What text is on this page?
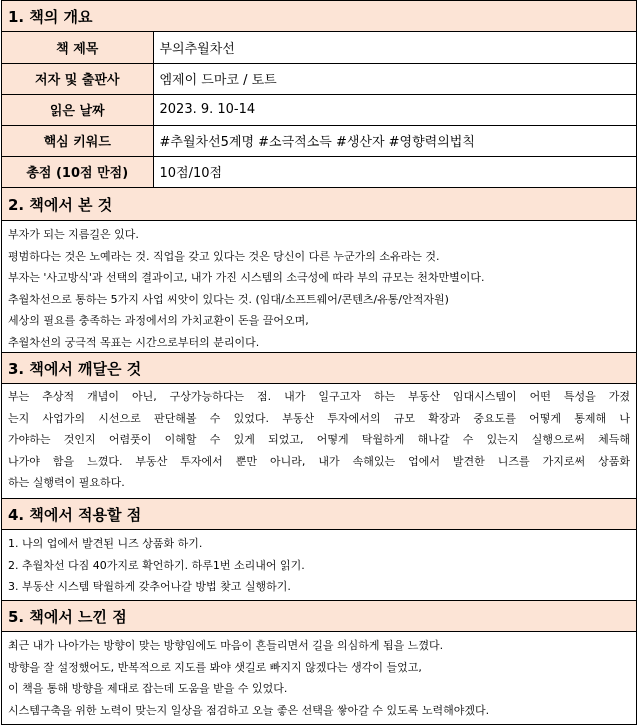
1. 책의 개요
책 제목	부의추월차선
저자 및 출판사	엠제이 드마코 / 토트
읽은 날짜	2023. 9. 10-14
핵심 키워드	#추월차선5계명 #소극적소득 #생산자 #영향력의법칙
총점 (10점 만점)	10점/10점
2. 책에서 본 것
부자가 되는 지름길은 있다.
평범하다는 것은 노예라는 것. 직업을 갖고 있다는 것은 당신이 다른 누군가의 소유라는 것.
부자는 '사고방식'과 선택의 결과이고, 내가 가진 시스템의 소극성에 따라 부의 규모는 천차만별이다.
추월차선으로 통하는 5가지 사업 씨앗이 있다는 것. (임대/소프트웨어/콘텐츠/유통/안적자원)
세상의 필요를 충족하는 과정에서의 가치교환이 돈을 끌어오며,
추월차선의 궁극적 목표는 시간으로부터의 분리이다.
3. 책에서 깨달은 것
부는 추상적 개념이 아닌, 구상가능하다는 점. 내가 일구고자 하는 부동산 임대시스템이 어떤 특성을 가졌
는지 사업가의 시선으로 판단해볼 수 있었다. 부동산 투자에서의 규모 확장과 중요도를 어떻게 통제해 나
가야하는 것인지 어렴풋이 이해할 수 있게 되었고, 어떻게 탁월하게 해나갈 수 있는지 실행으로써 체득해
나가야 함을 느꼈다. 부동산 투자에서 뿐만 아니라, 내가 속해있는 업에서 발견한 니즈를 가지로써 상품화
하는 실행력이 필요하다.
4. 책에서 적용할 점
1. 나의 업에서 발견된 니즈 상품화 하기.
2. 추월차선 다짐 40가지로 확언하기. 하루1번 소리내어 읽기.
3. 부동산 시스템 탁월하게 갖추어나갈 방법 찾고 실행하기.
5. 책에서 느낀 점
최근 내가 나아가는 방향이 맞는 방향임에도 마음이 흔들리면서 길을 의심하게 됨을 느꼈다.
방향을 잘 설정했어도, 반복적으로 지도를 봐야 샛길로 빠지지 않겠다는 생각이 들었고,
이 책을 통해 방향을 제대로 잡는데 도움을 받을 수 있었다.
시스템구축을 위한 노력이 맞는지 일상을 점검하고 오늘 좋은 선택을 쌓아갈 수 있도록 노력해야겠다.
